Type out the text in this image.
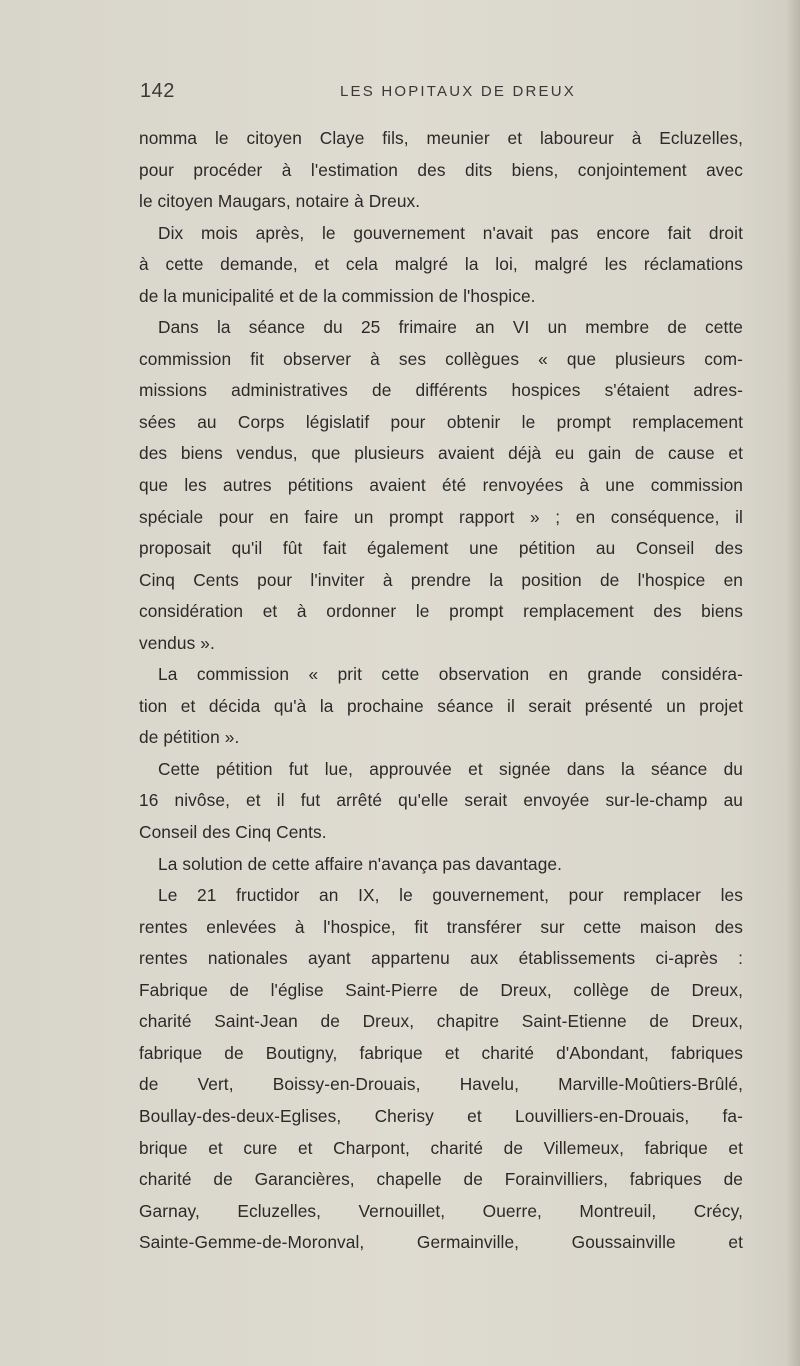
142	LES HOPITAUX DE DREUX
nomma le citoyen Claye fils, meunier et laboureur à Ecluzelles,
pour procéder à l'estimation des dits biens, conjointement avec
le citoyen Maugars, notaire à Dreux.
Dix mois après, le gouvernement n'avait pas encore fait droit
à cette demande, et cela malgré la loi, malgré les réclamations
de la municipalité et de la commission de l'hospice.
Dans la séance du 25 frimaire an VI un membre de cette
commission fit observer à ses collègues « que plusieurs com-
missions administratives de différents hospices s'étaient adres-
sées au Corps législatif pour obtenir le prompt remplacement
des biens vendus, que plusieurs avaient déjà eu gain de cause et
que les autres pétitions avaient été renvoyées à une commission
spéciale pour en faire un prompt rapport » ; en conséquence, il
proposait qu'il fût fait également une pétition au Conseil des
Cinq Cents pour l'inviter à prendre la position de l'hospice en
considération et à ordonner le prompt remplacement des biens
vendus ».
La commission « prit cette observation en grande considéra-
tion et décida qu'à la prochaine séance il serait présenté un projet
de pétition ».
Cette pétition fut lue, approuvée et signée dans la séance du
16 nivôse, et il fut arrêté qu'elle serait envoyée sur-le-champ au
Conseil des Cinq Cents.
La solution de cette affaire n'avança pas davantage.
Le 21 fructidor an IX, le gouvernement, pour remplacer les
rentes enlevées à l'hospice, fit transférer sur cette maison des
rentes nationales ayant appartenu aux établissements ci-après :
Fabrique de l'église Saint-Pierre de Dreux, collège de Dreux,
charité Saint-Jean de Dreux, chapitre Saint-Etienne de Dreux,
fabrique de Boutigny, fabrique et charité d'Abondant, fabriques
de Vert, Boissy-en-Drouais, Havelu, Marville-Moûtiers-Brûlé,
Boullay-des-deux-Eglises, Cherisy et Louvilliers-en-Drouais, fa-
brique et cure et Charpont, charité de Villemeux, fabrique et
charité de Garancières, chapelle de Forainvilliers, fabriques de
Garnay, Ecluzelles, Vernouillet, Ouerre, Montreuil, Crécy,
Sainte-Gemme-de-Moronval, Germainville, Goussainville et
